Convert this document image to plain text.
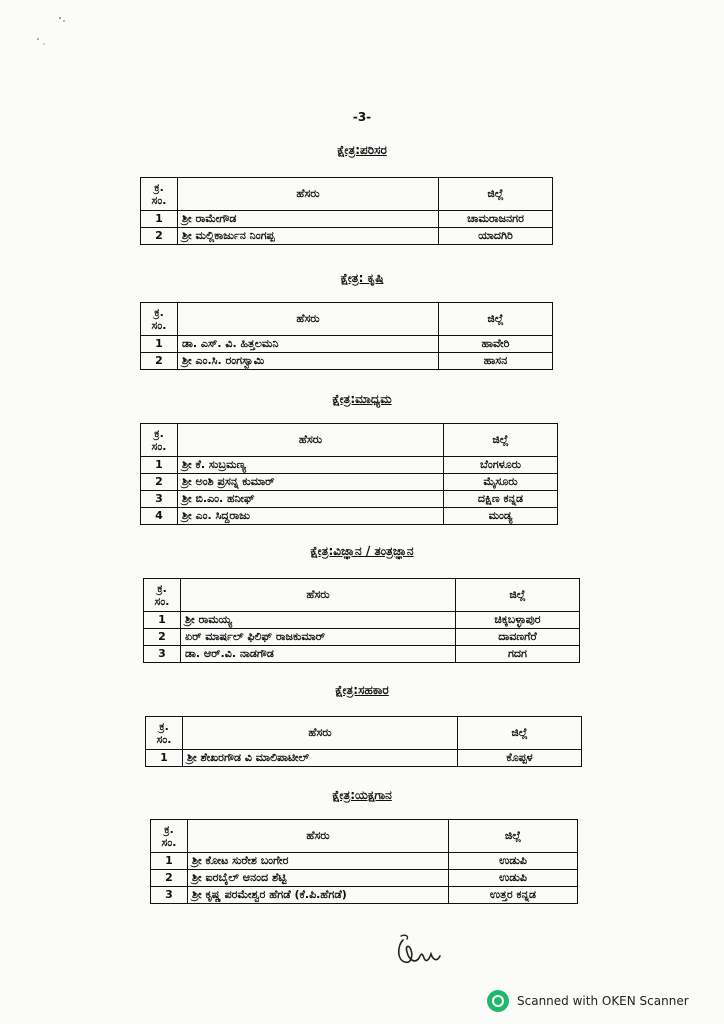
-3-
ಕ್ಷೇತ್ರ:ಪರಿಸರ
ಕ್ರ. ಸಂ.	ಹೆಸರು	ಜಿಲ್ಲೆ
1	ಶ್ರೀ ರಾಮೇಗೌಡ	ಚಾಮರಾಜನಗರ
2	ಶ್ರೀ ಮಲ್ಲಿಕಾರ್ಜುನ ನಿಂಗಪ್ಪ	ಯಾದಗಿರಿ
ಕ್ಷೇತ್ರ: ಕೃಷಿ
ಕ್ರ. ಸಂ.	ಹೆಸರು	ಜಿಲ್ಲೆ
1	ಡಾ. ಎಸ್. ವಿ. ಹಿತ್ತಲಮನಿ	ಹಾವೇರಿ
2	ಶ್ರೀ ಎಂ.ಸಿ. ರಂಗಸ್ವಾಮಿ	ಹಾಸನ
ಕ್ಷೇತ್ರ:ಮಾಧ್ಯಮ
ಕ್ರ. ಸಂ.	ಹೆಸರು	ಜಿಲ್ಲೆ
1	ಶ್ರೀ ಕೆ. ಸುಬ್ರಮಣ್ಯ	ಬೆಂಗಳೂರು
2	ಶ್ರೀ ಅಂಶಿ ಪ್ರಸನ್ನ ಕುಮಾರ್	ಮೈಸೂರು
3	ಶ್ರೀ ಬಿ.ಎಂ. ಹನೀಫ್	ದಕ್ಷಿಣ ಕನ್ನಡ
4	ಶ್ರೀ ಎಂ. ಸಿದ್ದರಾಜು	ಮಂಡ್ಯ
ಕ್ಷೇತ್ರ:ವಿಜ್ಞಾನ / ತಂತ್ರಜ್ಞಾನ
ಕ್ರ. ಸಂ.	ಹೆಸರು	ಜಿಲ್ಲೆ
1	ಶ್ರೀ ರಾಮಯ್ಯ	ಚಿಕ್ಕಬಳ್ಳಾಪುರ
2	ಏರ್ ಮಾರ್ಷಲ್ ಫಿಲಿಫ್ ರಾಜಕುಮಾರ್	ದಾವಣಗೆರೆ
3	ಡಾ. ಆರ್.ವಿ. ನಾಡಗೌಡ	ಗದಗ
ಕ್ಷೇತ್ರ:ಸಹಕಾರ
ಕ್ರ. ಸಂ.	ಹೆಸರು	ಜಿಲ್ಲೆ
1	ಶ್ರೀ ಶೇಖರಗೌಡ ವಿ ಮಾಲಿಪಾಟೀಲ್	ಕೊಪ್ಪಳ
ಕ್ಷೇತ್ರ:ಯಕ್ಷಗಾನ
ಕ್ರ. ಸಂ.	ಹೆಸರು	ಜಿಲ್ಲೆ
1	ಶ್ರೀ ಕೋಟ ಸುರೇಶ ಬಂಗೇರ	ಉಡುಪಿ
2	ಶ್ರೀ ಐರಬೈಲ್ ಆನಂದ ಶೆಟ್ಟಿ	ಉಡುಪಿ
3	ಶ್ರೀ ಕೃಷ್ಣ ಪರಮೇಶ್ವರ ಹೆಗಡೆ (ಕೆ.ಪಿ.ಹೆಗಡೆ)	ಉತ್ತರ ಕನ್ನಡ
Scanned with OKEN Scanner
